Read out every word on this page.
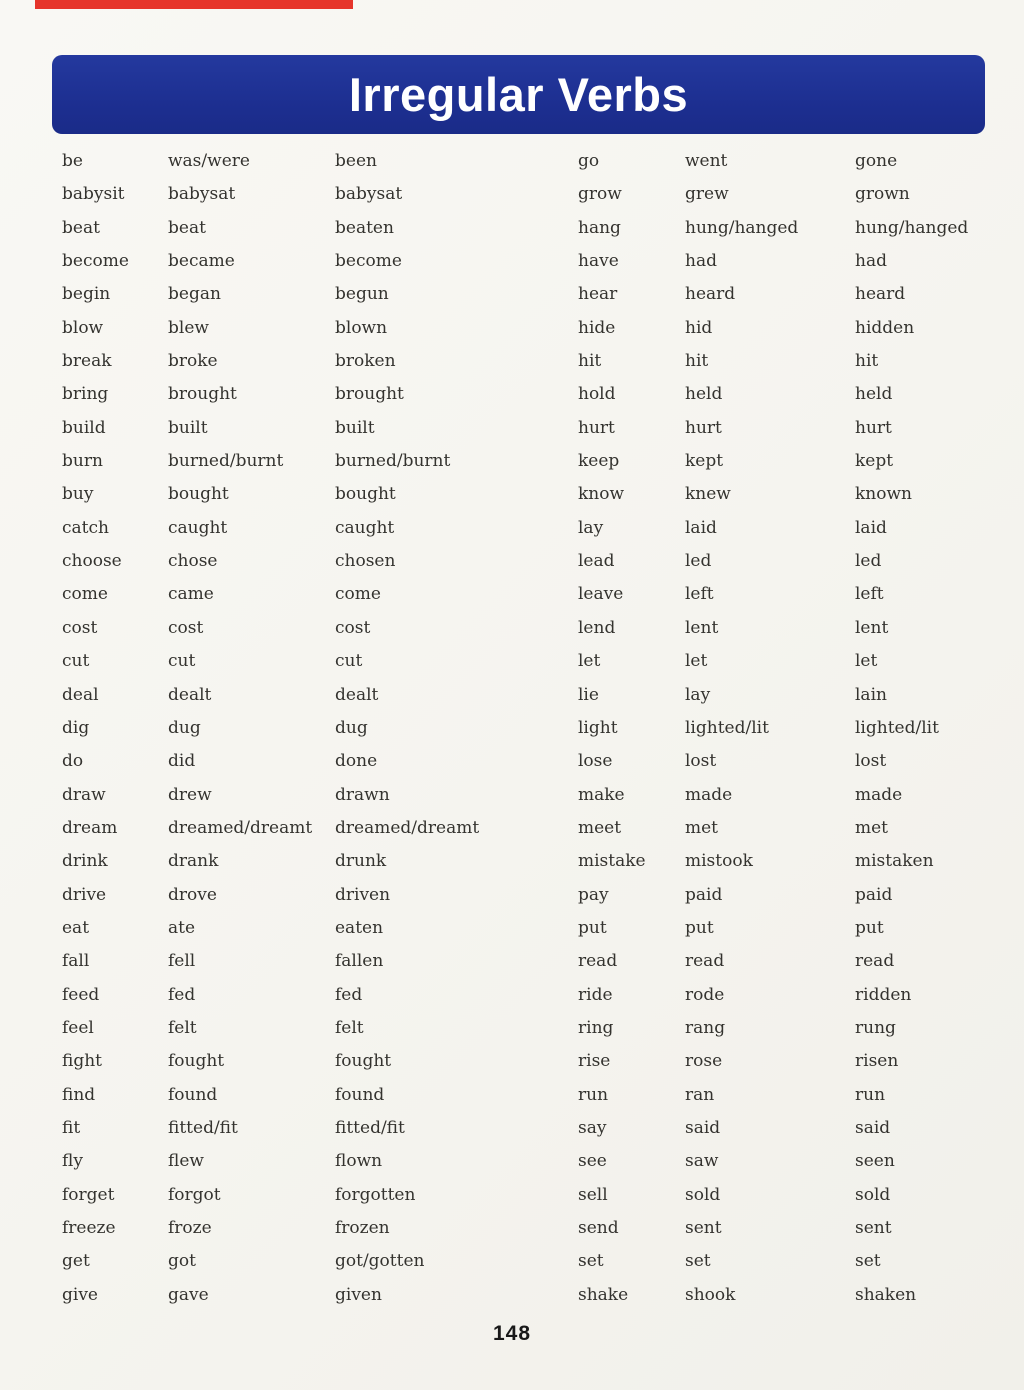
Irregular Verbs
be	was/were	been
babysit	babysat	babysat
beat	beat	beaten
become	became	become
begin	began	begun
blow	blew	blown
break	broke	broken
bring	brought	brought
build	built	built
burn	burned/burnt	burned/burnt
buy	bought	bought
catch	caught	caught
choose	chose	chosen
come	came	come
cost	cost	cost
cut	cut	cut
deal	dealt	dealt
dig	dug	dug
do	did	done
draw	drew	drawn
dream	dreamed/dreamt	dreamed/dreamt
drink	drank	drunk
drive	drove	driven
eat	ate	eaten
fall	fell	fallen
feed	fed	fed
feel	felt	felt
fight	fought	fought
find	found	found
fit	fitted/fit	fitted/fit
fly	flew	flown
forget	forgot	forgotten
freeze	froze	frozen
get	got	got/gotten
give	gave	given
go	went	gone
grow	grew	grown
hang	hung/hanged	hung/hanged
have	had	had
hear	heard	heard
hide	hid	hidden
hit	hit	hit
hold	held	held
hurt	hurt	hurt
keep	kept	kept
know	knew	known
lay	laid	laid
lead	led	led
leave	left	left
lend	lent	lent
let	let	let
lie	lay	lain
light	lighted/lit	lighted/lit
lose	lost	lost
make	made	made
meet	met	met
mistake	mistook	mistaken
pay	paid	paid
put	put	put
read	read	read
ride	rode	ridden
ring	rang	rung
rise	rose	risen
run	ran	run
say	said	said
see	saw	seen
sell	sold	sold
send	sent	sent
set	set	set
shake	shook	shaken
148
